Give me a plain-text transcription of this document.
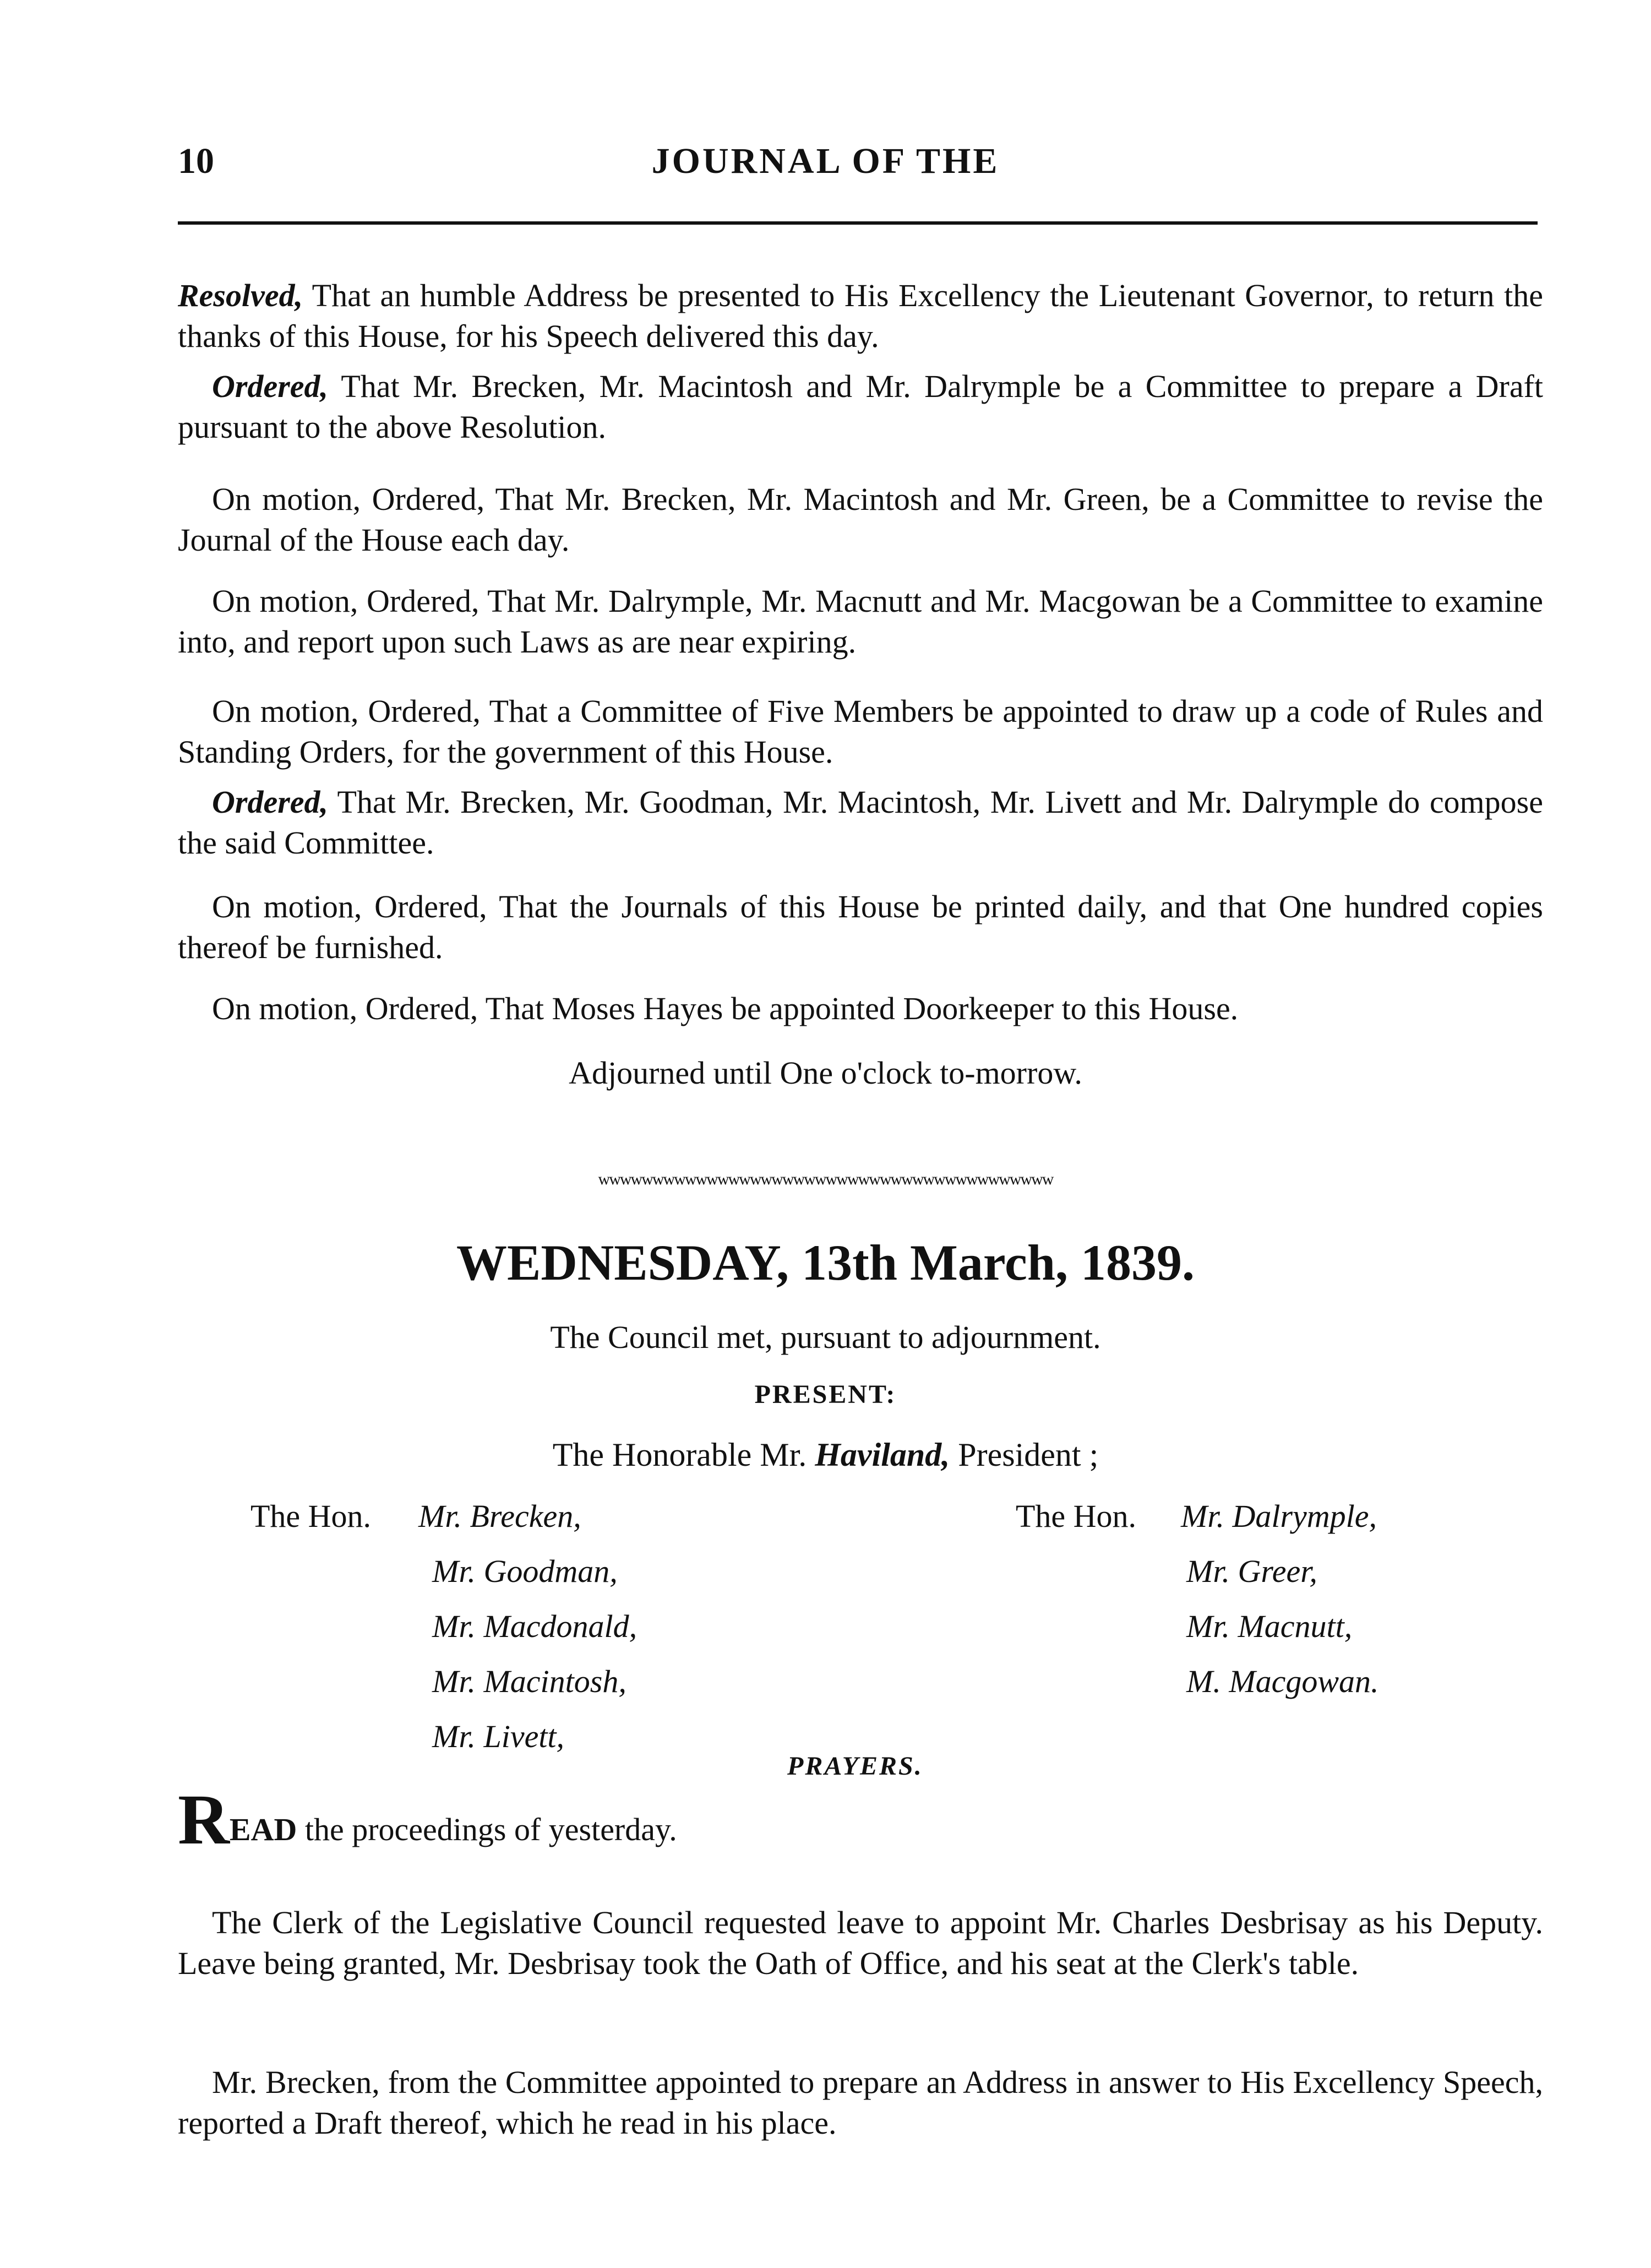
10	JOURNAL OF THE
Resolved, That an humble Address be presented to His Excellency the Lieutenant Governor, to return the thanks of this House, for his Speech delivered this day.
Ordered, That Mr. Brecken, Mr. Macintosh and Mr. Dalrymple be a Committee to prepare a Draft pursuant to the above Resolution.
On motion, Ordered, That Mr. Brecken, Mr. Macintosh and Mr. Green, be a Committee to revise the Journal of the House each day.
On motion, Ordered, That Mr. Dalrymple, Mr. Macnutt and Mr. Macgowan be a Committee to examine into, and report upon such Laws as are near expiring.
On motion, Ordered, That a Committee of Five Members be appointed to draw up a code of Rules and Standing Orders, for the government of this House.
Ordered, That Mr. Brecken, Mr. Goodman, Mr. Macintosh, Mr. Livett and Mr. Dalrymple do compose the said Committee.
On motion, Ordered, That the Journals of this House be printed daily, and that One hundred copies thereof be furnished.
On motion, Ordered, That Moses Hayes be appointed Doorkeeper to this House.
Adjourned until One o'clock to-morrow.
wwwwwwwwwwwwwwwwwwwwwwwwwwwwwwwwwwwwwwwwww
WEDNESDAY, 13th March, 1839.
The Council met, pursuant to adjournment.
PRESENT:
The Honorable Mr. Haviland, President ;
The Hon. Mr. Brecken,
Mr. Goodman,
Mr. Macdonald,
Mr. Macintosh,
Mr. Livett,
The Hon. Mr. Dalrymple,
Mr. Greer,
Mr. Macnutt,
M. Macgowan.
PRAYERS.
READ the proceedings of yesterday.
The Clerk of the Legislative Council requested leave to appoint Mr. Charles Desbrisay as his Deputy. Leave being granted, Mr. Desbrisay took the Oath of Office, and his seat at the Clerk's table.
Mr. Brecken, from the Committee appointed to prepare an Address in answer to His Excellency Speech, reported a Draft thereof, which he read in his place.
